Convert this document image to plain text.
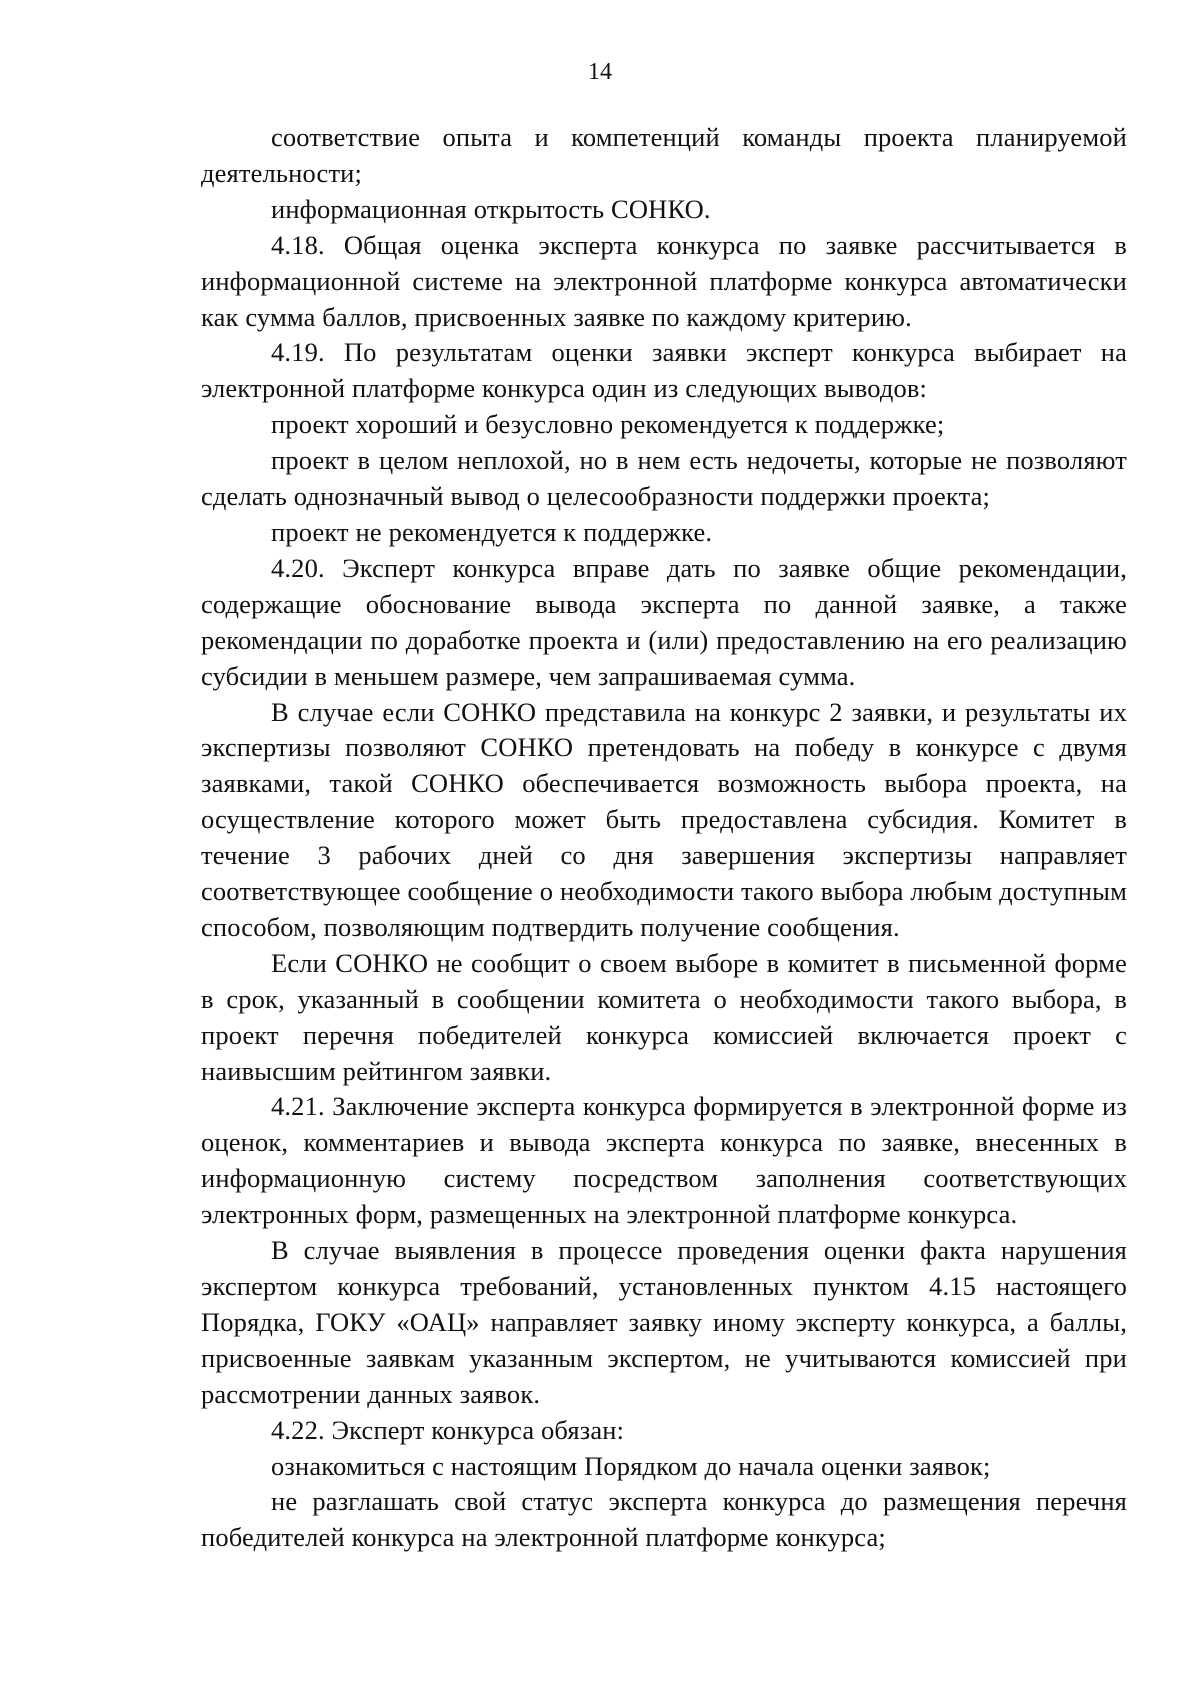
14

соответствие опыта и компетенций команды проекта планируемой деятельности;

информационная открытость СОНКО.

4.18. Общая оценка эксперта конкурса по заявке рассчитывается в информационной системе на электронной платформе конкурса автоматически как сумма баллов, присвоенных заявке по каждому критерию.

4.19. По результатам оценки заявки эксперт конкурса выбирает на электронной платформе конкурса один из следующих выводов:

проект хороший и безусловно рекомендуется к поддержке;

проект в целом неплохой, но в нем есть недочеты, которые не позволяют сделать однозначный вывод о целесообразности поддержки проекта;

проект не рекомендуется к поддержке.

4.20. Эксперт конкурса вправе дать по заявке общие рекомендации, содержащие обоснование вывода эксперта по данной заявке, а также рекомендации по доработке проекта и (или) предоставлению на его реализацию субсидии в меньшем размере, чем запрашиваемая сумма.

В случае если СОНКО представила на конкурс 2 заявки, и результаты их экспертизы позволяют СОНКО претендовать на победу в конкурсе с двумя заявками, такой СОНКО обеспечивается возможность выбора проекта, на осуществление которого может быть предоставлена субсидия. Комитет в течение 3 рабочих дней со дня завершения экспертизы направляет соответствующее сообщение о необходимости такого выбора любым доступным способом, позволяющим подтвердить получение сообщения.

Если СОНКО не сообщит о своем выборе в комитет в письменной форме в срок, указанный в сообщении комитета о необходимости такого выбора, в проект перечня победителей конкурса комиссией включается проект с наивысшим рейтингом заявки.

4.21. Заключение эксперта конкурса формируется в электронной форме из оценок, комментариев и вывода эксперта конкурса по заявке, внесенных в информационную систему посредством заполнения соответствующих электронных форм, размещенных на электронной платформе конкурса.

В случае выявления в процессе проведения оценки факта нарушения экспертом конкурса требований, установленных пунктом 4.15 настоящего Порядка, ГОКУ «ОАЦ» направляет заявку иному эксперту конкурса, а баллы, присвоенные заявкам указанным экспертом, не учитываются комиссией при рассмотрении данных заявок.

4.22. Эксперт конкурса обязан:

ознакомиться с настоящим Порядком до начала оценки заявок;

не разглашать свой статус эксперта конкурса до размещения перечня победителей конкурса на электронной платформе конкурса;
